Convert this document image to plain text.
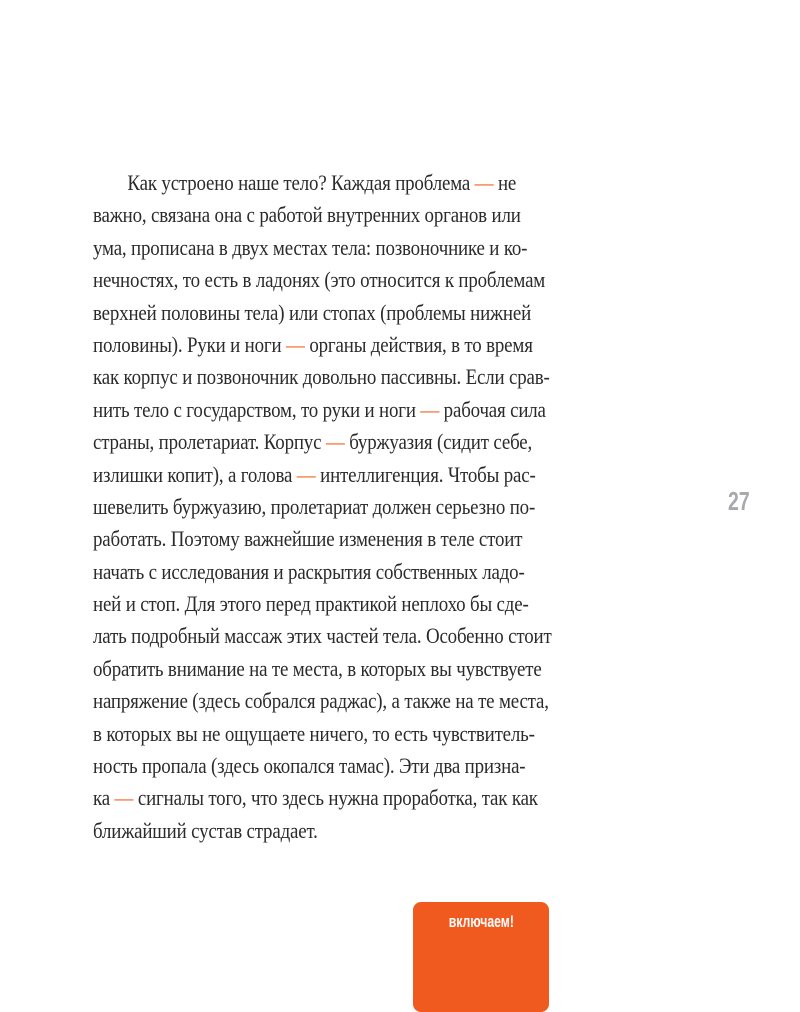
Как устроено наше тело? Каждая проблема — не
важно, связана она с работой внутренних органов или
ума, прописана в двух местах тела: позвоночнике и ко-
нечностях, то есть в ладонях (это относится к проблемам
верхней половины тела) или стопах (проблемы нижней
половины). Руки и ноги — органы действия, в то время
как корпус и позвоночник довольно пассивны. Если срав-
нить тело с государством, то руки и ноги — рабочая сила
страны, пролетариат. Корпус — буржуазия (сидит себе,
излишки копит), а голова — интеллигенция. Чтобы рас-
шевелить буржуазию, пролетариат должен серьезно по-
работать. Поэтому важнейшие изменения в теле стоит
начать с исследования и раскрытия собственных ладо-
ней и стоп. Для этого перед практикой неплохо бы сде-
лать подробный массаж этих частей тела. Особенно стоит
обратить внимание на те места, в которых вы чувствуете
напряжение (здесь собрался раджас), а также на те места,
в которых вы не ощущаете ничего, то есть чувствитель-
ность пропала (здесь окопался тамас). Эти два призна-
ка — сигналы того, что здесь нужна проработка, так как
ближайший сустав страдает.

27

включаем!
